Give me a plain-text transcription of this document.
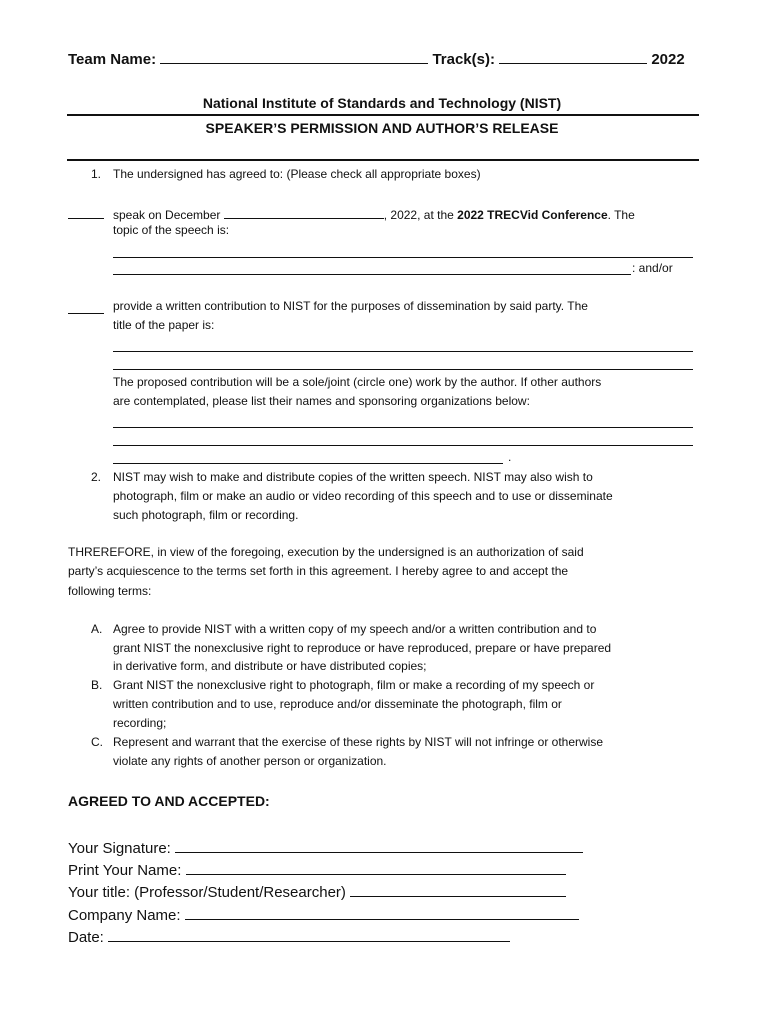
Team Name:	Track(s):	2022
National Institute of Standards and Technology (NIST)
SPEAKER’S PERMISSION AND AUTHOR’S RELEASE
1. The undersigned has agreed to: (Please check all appropriate boxes)
speak on December	, 2022, at the 2022 TRECVid Conference. The
topic of the speech is:
: and/or
provide a written contribution to NIST for the purposes of dissemination by said party. The
title of the paper is:
The proposed contribution will be a sole/joint (circle one) work by the author. If other authors
are contemplated, please list their names and sponsoring organizations below:
.
2. NIST may wish to make and distribute copies of the written speech. NIST may also wish to
photograph, film or make an audio or video recording of this speech and to use or disseminate
such photograph, film or recording.
THREREFORE, in view of the foregoing, execution by the undersigned is an authorization of said
party’s acquiescence to the terms set forth in this agreement. I hereby agree to and accept the
following terms:
A. Agree to provide NIST with a written copy of my speech and/or a written contribution and to
grant NIST the nonexclusive right to reproduce or have reproduced, prepare or have prepared
in derivative form, and distribute or have distributed copies;
B. Grant NIST the nonexclusive right to photograph, film or make a recording of my speech or
written contribution and to use, reproduce and/or disseminate the photograph, film or
recording;
C. Represent and warrant that the exercise of these rights by NIST will not infringe or otherwise
violate any rights of another person or organization.
AGREED TO AND ACCEPTED:
Your Signature:
Print Your Name:
Your title: (Professor/Student/Researcher)
Company Name:
Date:
